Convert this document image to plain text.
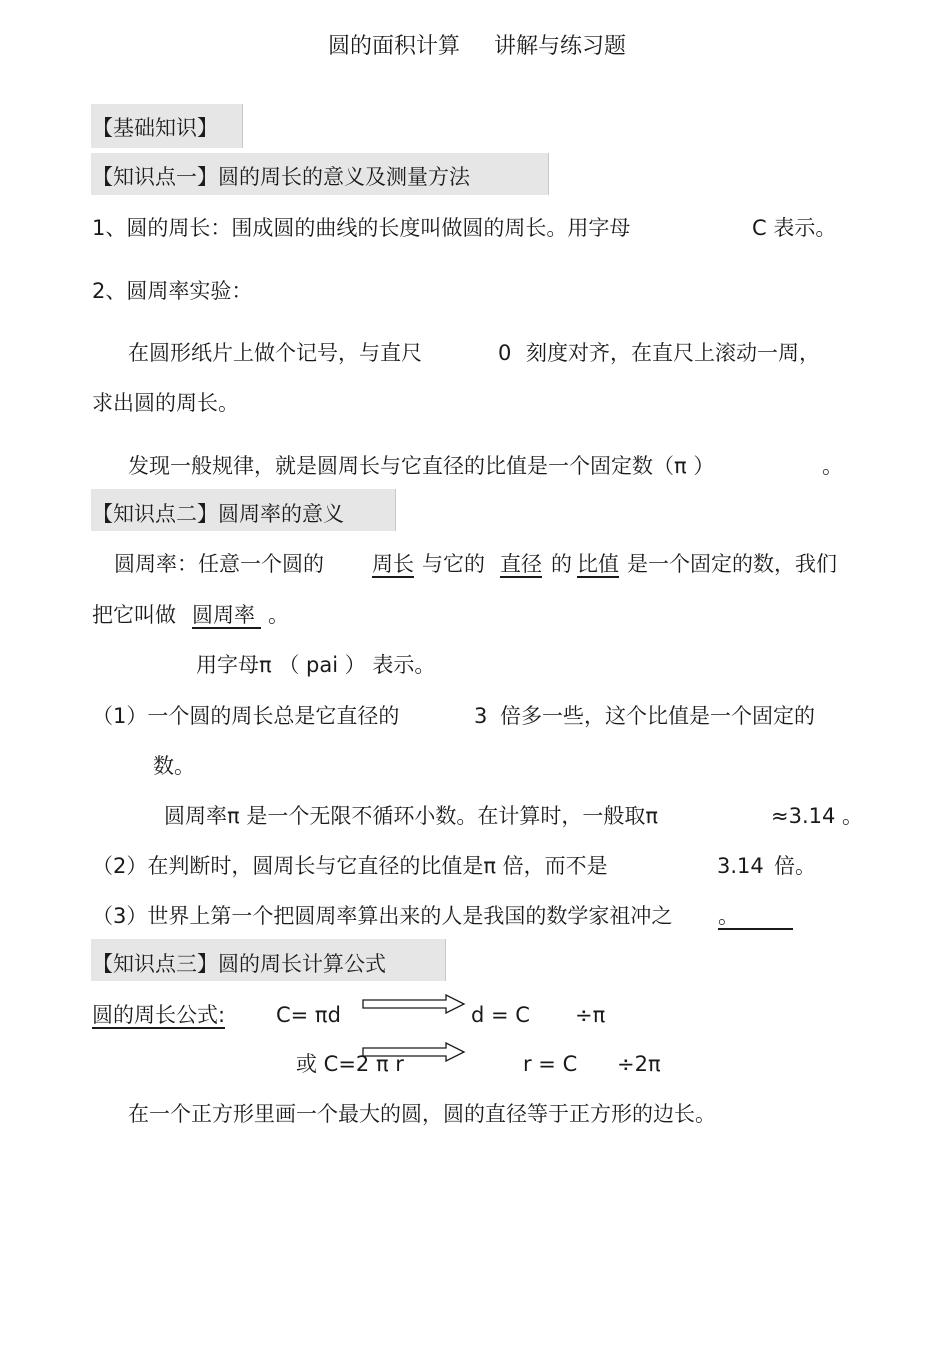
圆的面积计算 讲解与练习题
【基础知识】
【知识点一】圆的周长的意义及测量方法
1、圆的周长：围成圆的曲线的长度叫做圆的周长。用字母	C 表示。
2、圆周率实验：
在圆形纸片上做个记号，与直尺	0 刻度对齐，在直尺上滚动一周，
求出圆的周长。
发现一般规律，就是圆周长与它直径的比值是一个固定数（π ）	。
【知识点二】圆周率的意义
圆周率：任意一个圆的 周长 与它的 直径 的 比值 是一个固定的数，我们
把它叫做 圆周率 。
用字母π （ pai ） 表示。
（1）一个圆的周长总是它直径的	3 倍多一些，这个比值是一个固定的
数。
圆周率π 是一个无限不循环小数。在计算时，一般取π	≈3.14 。
（2）在判断时，圆周长与它直径的比值是π 倍，而不是	3.14 倍。
（3）世界上第一个把圆周率算出来的人是我国的数学家祖冲之 。
【知识点三】圆的周长计算公式
圆的周长公式: C= πd	d = C ÷π
或 C=2 π r	r = C ÷2π
在一个正方形里画一个最大的圆，圆的直径等于正方形的边长。
